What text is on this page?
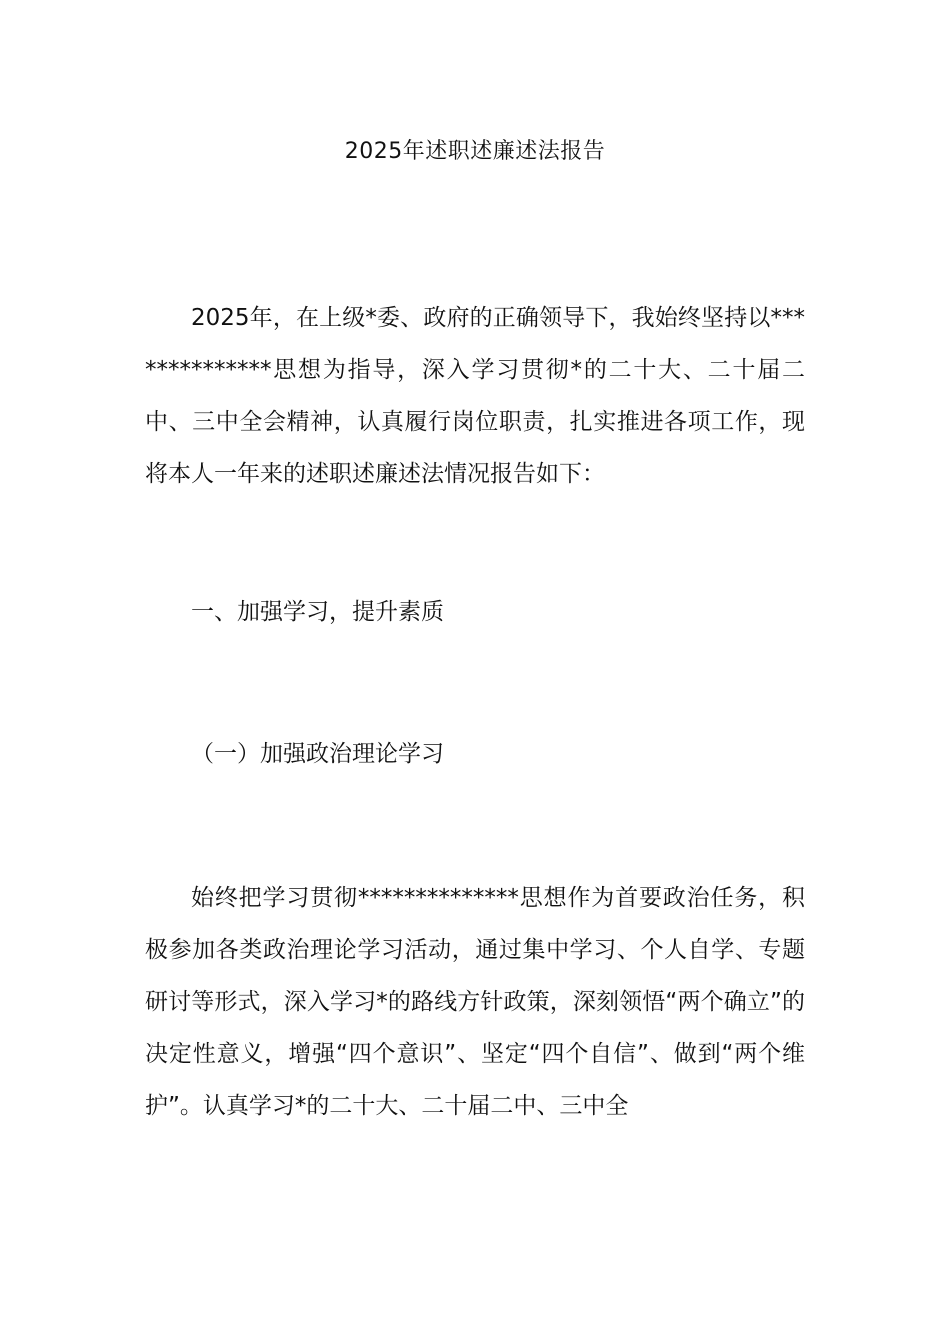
2025年述职述廉述法报告
2025年，在上级*委、政府的正确领导下，我始终坚持以**************思想为指导，深入学习贯彻*的二十大、二十届二中、三中全会精神，认真履行岗位职责，扎实推进各项工作，现将本人一年来的述职述廉述法情况报告如下：
一、加强学习，提升素质
（一）加强政治理论学习
始终把学习贯彻**************思想作为首要政治任务，积极参加各类政治理论学习活动，通过集中学习、个人自学、专题研讨等形式，深入学习*的路线方针政策，深刻领悟“两个确立”的决定性意义，增强“四个意识”、坚定“四个自信”、做到“两个维护”。认真学习*的二十大、二十届二中、三中全
